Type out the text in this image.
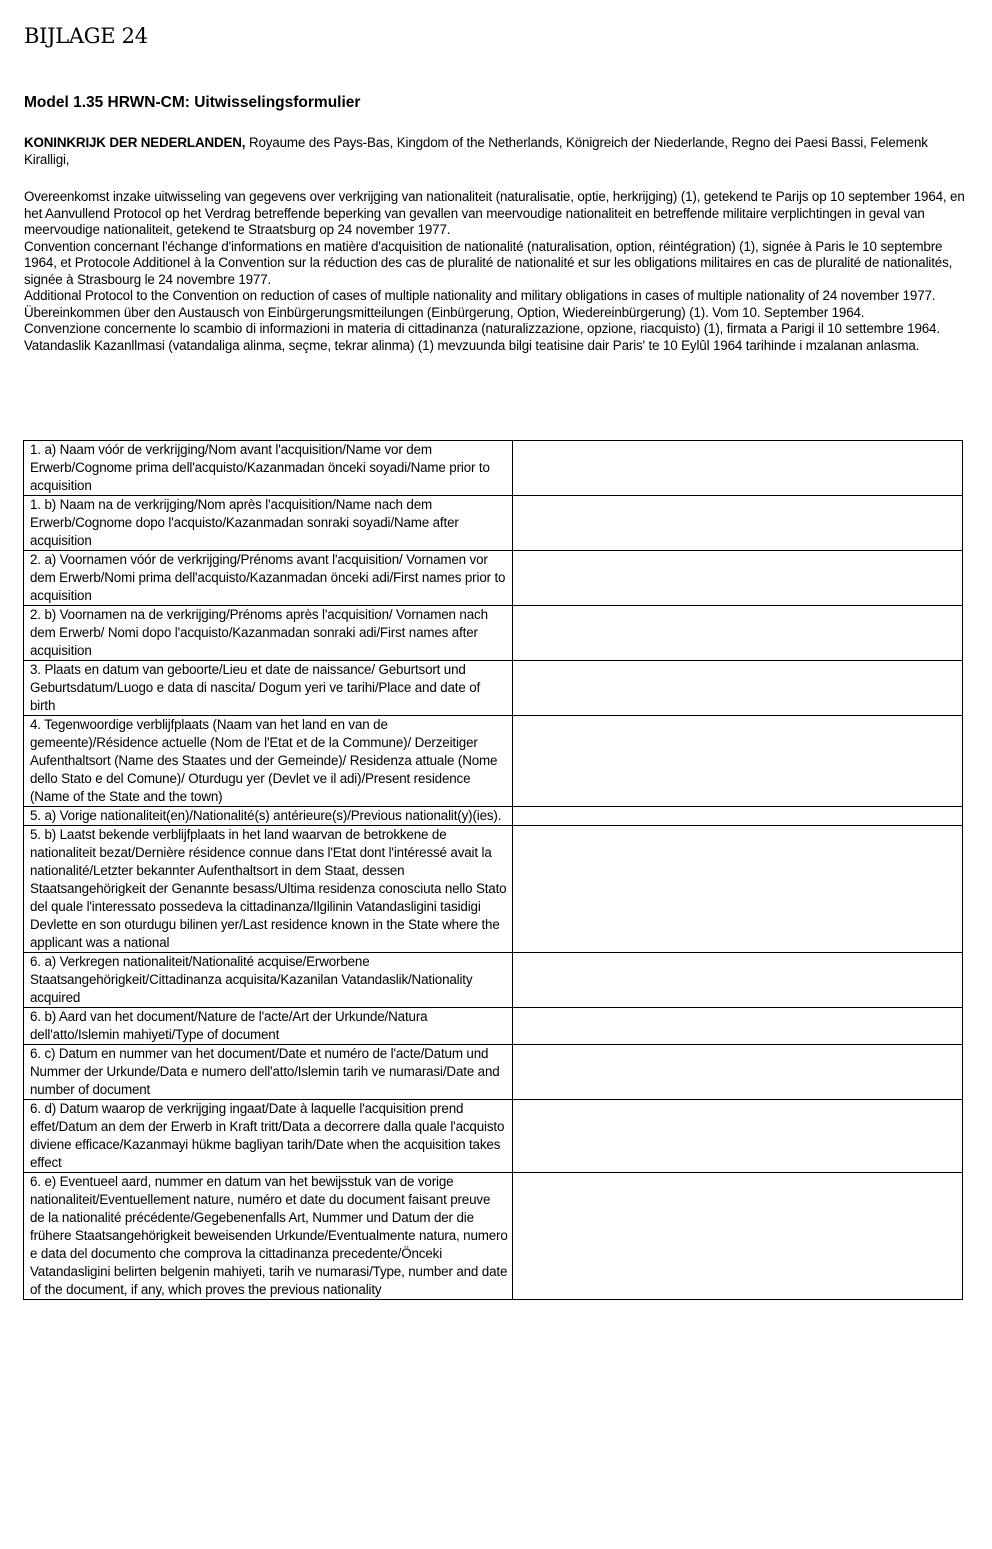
BIJLAGE 24
Model 1.35 HRWN-CM: Uitwisselingsformulier
KONINKRIJK DER NEDERLANDEN, Royaume des Pays-Bas, Kingdom of the Netherlands, Königreich der Niederlande, Regno dei Paesi Bassi, Felemenk Kiralligi,

Overeenkomst inzake uitwisseling van gegevens over verkrijging van nationaliteit (naturalisatie, optie, herkrijging) (1), getekend te Parijs op 10 september 1964, en het Aanvullend Protocol op het Verdrag betreffende beperking van gevallen van meervoudige nationaliteit en betreffende militaire verplichtingen in geval van meervoudige nationaliteit, getekend te Straatsburg op 24 november 1977.

Convention concernant l'échange d'informations en matière d'acquisition de nationalité (naturalisation, option, réintégration) (1), signée à Paris le 10 septembre 1964, et Protocole Additionel à la Convention sur la réduction des cas de pluralité de nationalité et sur les obligations militaires en cas de pluralité de nationalités, signée à Strasbourg le 24 novembre 1977.

Additional Protocol to the Convention on reduction of cases of multiple nationality and military obligations in cases of multiple nationality of 24 november 1977.

Übereinkommen über den Austausch von Einbürgerungsmitteilungen (Einbürgerung, Option, Wiedereinbürgerung) (1). Vom 10. September 1964.

Convenzione concernente lo scambio di informazioni in materia di cittadinanza (naturalizzazione, opzione, riacquisto) (1), firmata a Parigi il 10 settembre 1964.

Vatandaslik Kazanllmasi (vatandaliga alinma, seçme, tekrar alinma) (1) mevzuunda bilgi teatisine dair Paris' te 10 Eylûl 1964 tarihinde i mzalanan anlasma.

1. a) Naam vóór de verkrijging/Nom avant l'acquisition/Name vor dem Erwerb/Cognome prima dell'acquisto/Kazanmadan önceki soyadi/Name prior to acquisition	
1. b) Naam na de verkrijging/Nom après l'acquisition/Name nach dem Erwerb/Cognome dopo l'acquisto/Kazanmadan sonraki soyadi/Name after acquisition	
2. a) Voornamen vóór de verkrijging/Prénoms avant l'acquisition/ Vornamen vor dem Erwerb/Nomi prima dell'acquisto/Kazanmadan önceki adi/First names prior to acquisition	
2. b) Voornamen na de verkrijging/Prénoms après l'acquisition/ Vornamen nach dem Erwerb/ Nomi dopo l'acquisto/Kazanmadan sonraki adi/First names after acquisition	
3. Plaats en datum van geboorte/Lieu et date de naissance/ Geburtsort und Geburtsdatum/Luogo e data di nascita/ Dogum yeri ve tarihi/Place and date of birth	
4. Tegenwoordige verblijfplaats (Naam van het land en van de gemeente)/Résidence actuelle (Nom de l'Etat et de la Commune)/ Derzeitiger Aufenthaltsort (Name des Staates und der Gemeinde)/ Residenza attuale (Nome dello Stato e del Comune)/ Oturdugu yer (Devlet ve il adi)/Present residence (Name of the State and the town)	
5. a) Vorige nationaliteit(en)/Nationalité(s) antérieure(s)/Previous nationalit(y)(ies).	
5. b) Laatst bekende verblijfplaats in het land waarvan de betrokkene de nationaliteit bezat/Dernière résidence connue dans l'Etat dont l'intéressé avait la nationalité/Letzter bekannter Aufenthaltsort in dem Staat, dessen Staatsangehörigkeit der Genannte besass/Ultima residenza conosciuta nello Stato del quale l'interessato possedeva la cittadinanza/Ilgilinin Vatandasligini tasidigi Devlette en son oturdugu bilinen yer/Last residence known in the State where the applicant was a national	
6. a) Verkregen nationaliteit/Nationalité acquise/Erworbene Staatsangehörigkeit/Cittadinanza acquisita/Kazanilan Vatandaslik/Nationality acquired	
6. b) Aard van het document/Nature de l'acte/Art der Urkunde/Natura dell'atto/Islemin mahiyeti/Type of document	
6. c) Datum en nummer van het document/Date et numéro de l'acte/Datum und Nummer der Urkunde/Data e numero dell'atto/Islemin tarih ve numarasi/Date and number of document	
6. d) Datum waarop de verkrijging ingaat/Date à laquelle l'acquisition prend effet/Datum an dem der Erwerb in Kraft tritt/Data a decorrere dalla quale l'acquisto diviene efficace/Kazanmayi hükme bagliyan tarih/Date when the acquisition takes effect	
6. e) Eventueel aard, nummer en datum van het bewijsstuk van de vorige nationaliteit/Eventuellement nature, numéro et date du document faisant preuve de la nationalité précédente/Gegebenenfalls Art, Nummer und Datum der die frühere Staatsangehörigkeit beweisenden Urkunde/Eventualmente natura, numero e data del documento che comprova la cittadinanza precedente/Önceki Vatandasligini belirten belgenin mahiyeti, tarih ve numarasi/Type, number and date of the document, if any, which proves the previous nationality	
